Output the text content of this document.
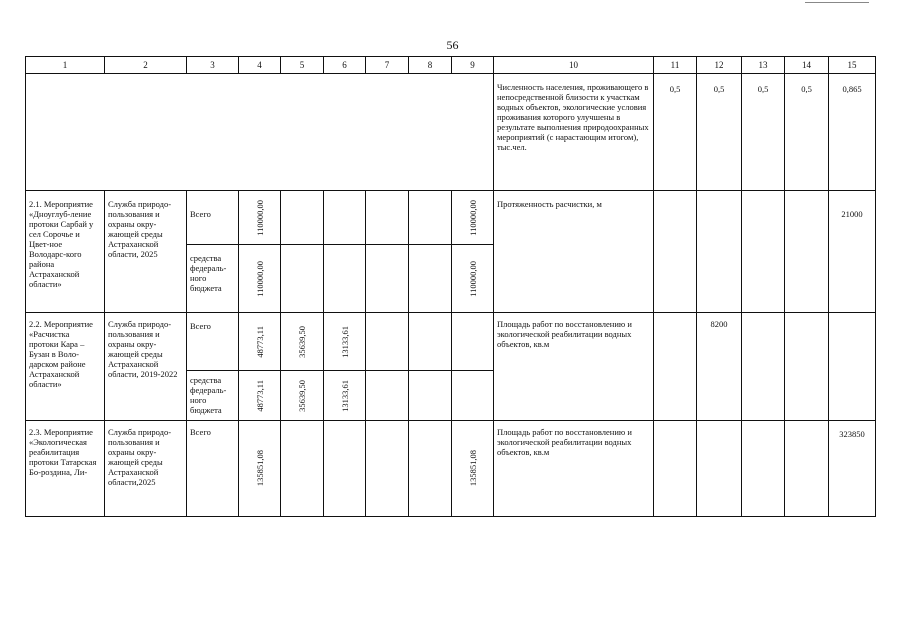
56
1	2	3	4	5	6	7	8	9	10	11	12	13	14	15
									Численность населения, проживающего в непосредственной близости к участкам водных объектов, экологические условия проживания которого улучшены в результате выполнения природоохранных мероприятий (с нарастающим итогом), тыс.чел.	0,5	0,5	0,5	0,5	0,865
2.1. Мероприятие «Дноуглуб-ление протоки Сарбай у сел Сорочье и Цвет-ное Володарс-кого района Астраханской области»	Служба природо-пользования и охраны окру-жающей среды Астраханской области, 2025	Всего	110000,00					110000,00	Протяженность расчистки, м					21000
		средства федераль-ного бюджета	110000,00					110000,00						

2.2. Мероприятие «Расчистка протоки Кара – Бузан в Воло-дарском районе Астраханской области»	Служба природо-пользования и охраны окру-жающей среды Астраханской области, 2019-2022	Всего	48773,11	35639,50	13133,61				Площадь работ по восстановлению и экологической реабилитации водных объектов, кв.м		8200			
		средства федераль-ного бюджета	48773,11	35639,50	13133,61									

2.3. Мероприятие «Экологическая реабилитация протоки Татарская Бо-роздина, Ли-	Служба природо-пользования и охраны окру-жающей среды Астраханской области,2025	Всего	135851,08					135851,08	Площадь работ по восстановлению и экологической реабилитации водных объектов, кв.м					323850
